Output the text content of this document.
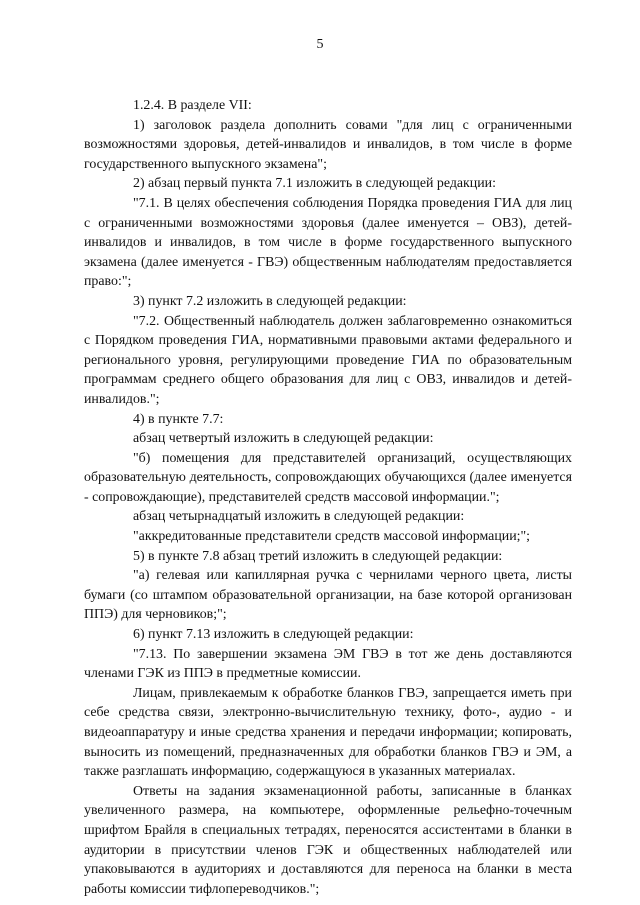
5

1.2.4. В разделе VII:

1) заголовок раздела дополнить совами "для лиц с ограниченными возможностями здоровья, детей-инвалидов и инвалидов, в том числе в форме государственного выпускного экзамена";

2) абзац первый пункта 7.1 изложить в следующей редакции:

"7.1. В целях обеспечения соблюдения Порядка проведения ГИА для лиц с ограниченными возможностями здоровья (далее именуется – ОВЗ), детей-инвалидов и инвалидов, в том числе в форме государственного выпускного экзамена (далее именуется - ГВЭ) общественным наблюдателям предоставляется право:";

3) пункт 7.2 изложить в следующей редакции:

"7.2. Общественный наблюдатель должен заблаговременно ознакомиться с Порядком проведения ГИА, нормативными правовыми актами федерального и регионального уровня, регулирующими проведение ГИА по образовательным программам среднего общего образования для лиц с ОВЗ, инвалидов и детей-инвалидов.";

4) в пункте 7.7:

абзац четвертый изложить в следующей редакции:

"б) помещения для представителей организаций, осуществляющих образовательную деятельность, сопровождающих обучающихся (далее именуется - сопровождающие), представителей средств массовой информации.";

абзац четырнадцатый изложить в следующей редакции:

"аккредитованные представители средств массовой информации;";

5) в пункте 7.8 абзац третий изложить в следующей редакции:

"а) гелевая или капиллярная ручка с чернилами черного цвета, листы бумаги (со штампом образовательной организации, на базе которой организован ППЭ) для черновиков;";

6) пункт 7.13 изложить в следующей редакции:

"7.13. По завершении экзамена ЭМ ГВЭ в тот же день доставляются членами ГЭК из ППЭ в предметные комиссии.

Лицам, привлекаемым к обработке бланков ГВЭ, запрещается иметь при себе средства связи, электронно-вычислительную технику, фото-, аудио - и видеоаппаратуру и иные средства хранения и передачи информации; копировать, выносить из помещений, предназначенных для обработки бланков ГВЭ и ЭМ, а также разглашать информацию, содержащуюся в указанных материалах.

Ответы на задания экзаменационной работы, записанные в бланках увеличенного размера, на компьютере, оформленные рельефно-точечным шрифтом Брайля в специальных тетрадях, переносятся ассистентами в бланки в аудитории в присутствии членов ГЭК и общественных наблюдателей или упаковываются в аудиториях и доставляются для переноса на бланки в места работы комиссии тифлопереводчиков.";
